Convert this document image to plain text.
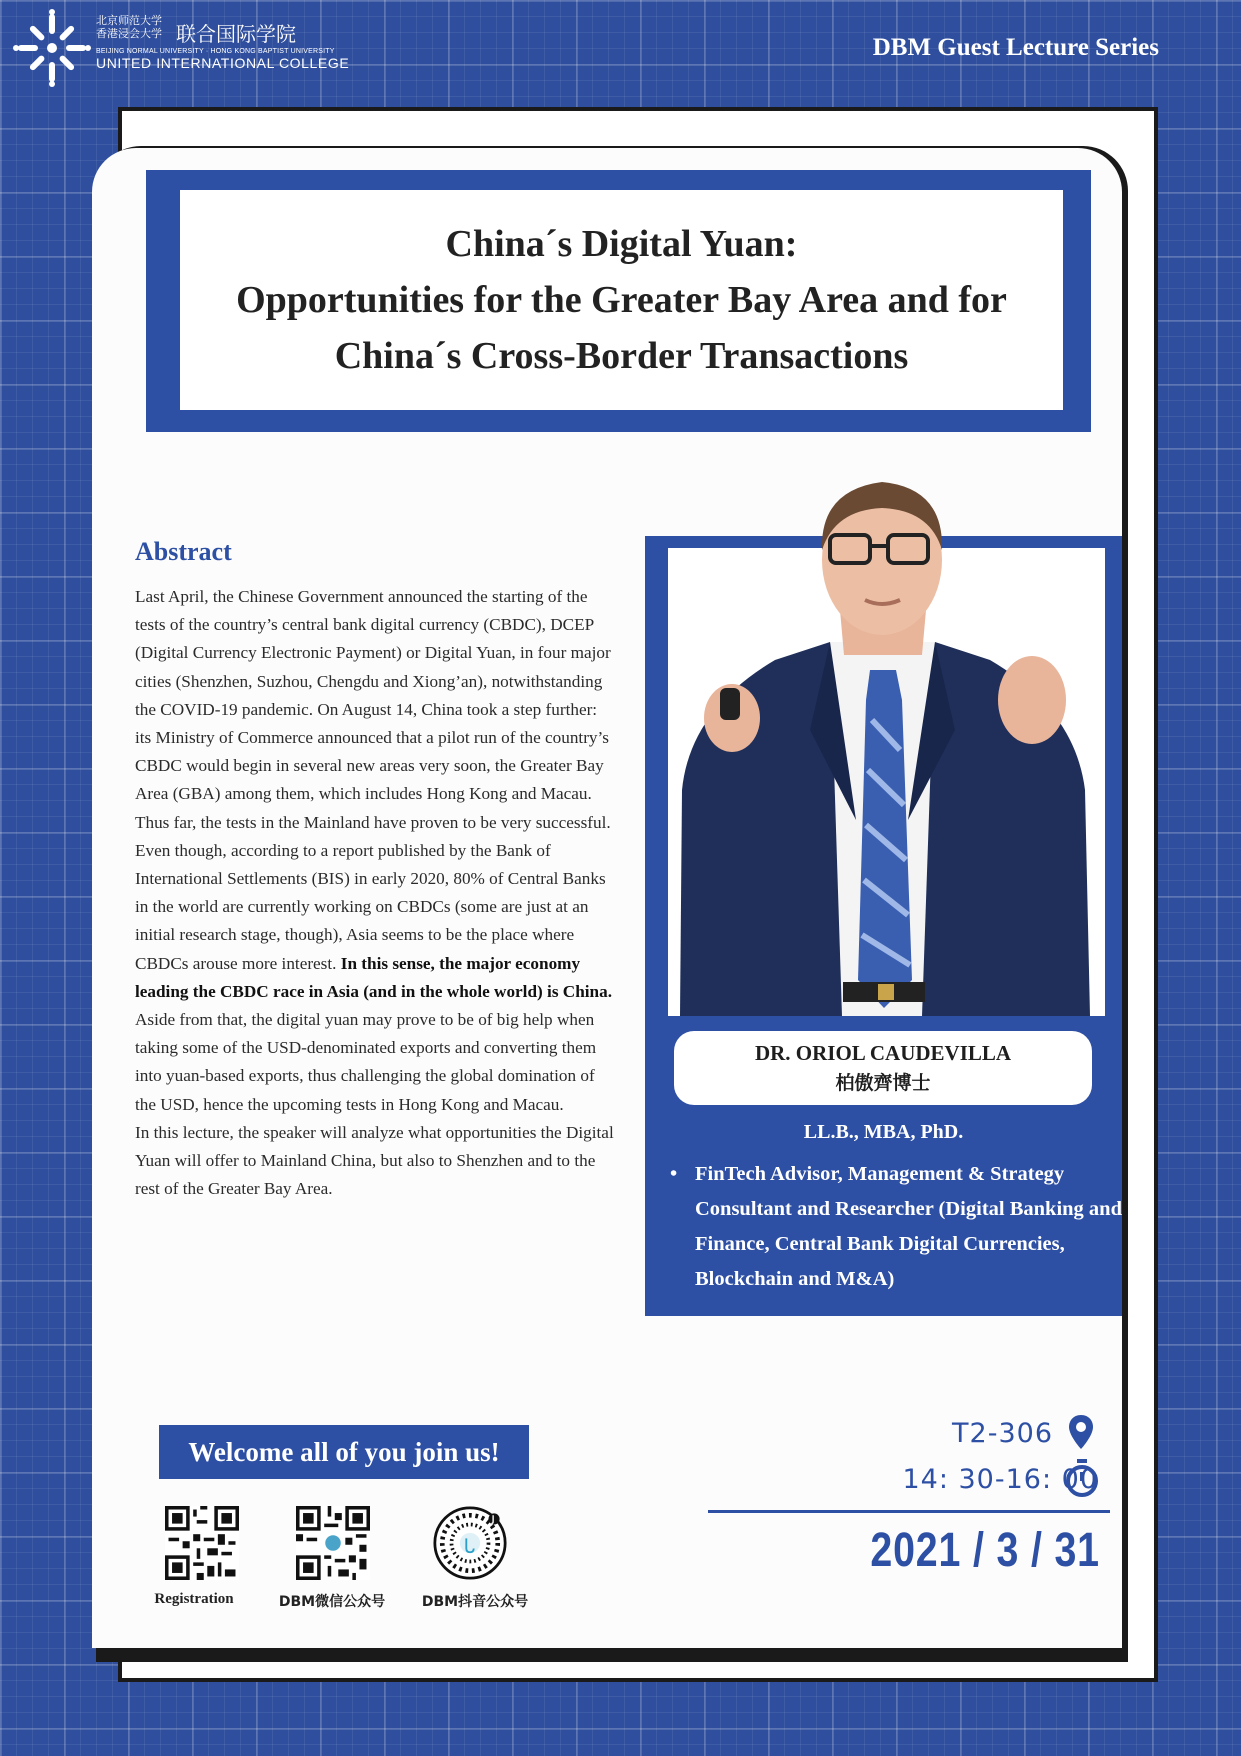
北京师范大学
香港浸会大学 联合国际学院
BEIJING NORMAL UNIVERSITY · HONG KONG BAPTIST UNIVERSITY
UNITED INTERNATIONAL COLLEGE
DBM Guest Lecture Series
China´s Digital Yuan:
Opportunities for the Greater Bay Area and for
China´s Cross-Border Transactions
Abstract

Last April, the Chinese Government announced the starting of the tests of the country’s central bank digital currency (CBDC), DCEP (Digital Currency Electronic Payment) or Digital Yuan, in four major cities (Shenzhen, Suzhou, Chengdu and Xiong’an), notwithstanding the COVID-19 pandemic. On August 14, China took a step further: its Ministry of Commerce announced that a pilot run of the country’s CBDC would begin in several new areas very soon, the Greater Bay Area (GBA) among them, which includes Hong Kong and Macau. Thus far, the tests in the Mainland have proven to be very successful.

Even though, according to a report published by the Bank of International Settlements (BIS) in early 2020, 80% of Central Banks in the world are currently working on CBDCs (some are just at an initial research stage, though), Asia seems to be the place where CBDCs arouse more interest. In this sense, the major economy leading the CBDC race in Asia (and in the whole world) is China.

Aside from that, the digital yuan may prove to be of big help when taking some of the USD-denominated exports and converting them into yuan-based exports, thus challenging the global domination of the USD, hence the upcoming tests in Hong Kong and Macau.

In this lecture, the speaker will analyze what opportunities the Digital Yuan will offer to Mainland China, but also to Shenzhen and to the rest of the Greater Bay Area.

DR. ORIOL CAUDEVILLA
柏傲齊博士
LL.B., MBA, PhD.
• FinTech Advisor, Management & Strategy Consultant and Researcher (Digital Banking and Finance, Central Bank Digital Currencies, Blockchain and M&A)
Welcome all of you join us!
Registration	DBM微信公众号	DBM抖音公众号
T2-306
14: 30-16: 00
2021 / 3 / 31
